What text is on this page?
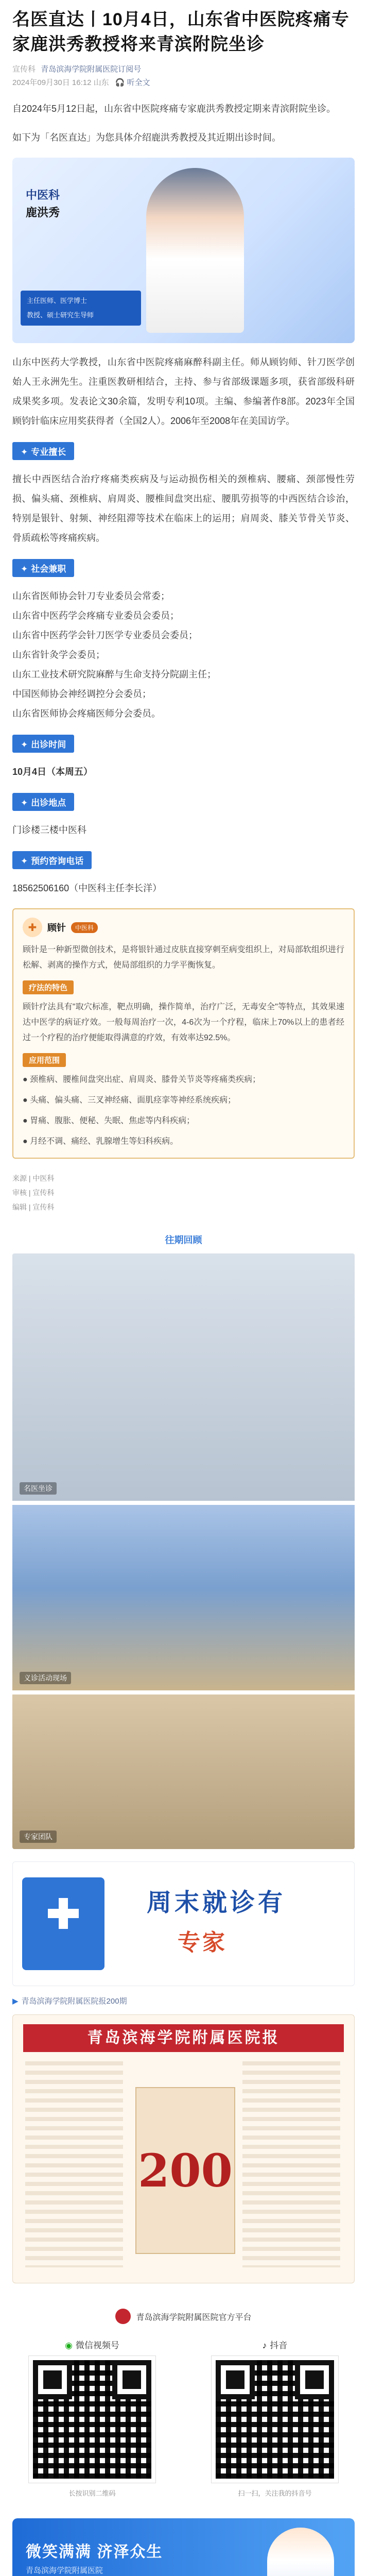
名医直达丨10月4日，山东省中医院疼痛专家鹿洪秀教授将来青滨附院坐诊
宣传科 青岛滨海学院附属医院订阅号
2024年09月30日 16:12 山东 🎧 听全文

自2024年5月12日起，山东省中医院疼痛专家鹿洪秀教授定期来青滨附院坐诊。

如下为「名医直达」为您具体介绍鹿洪秀教授及其近期出诊时间。

中医科
鹿洪秀
主任医师、医学博士
教授、硕士研究生导师

山东中医药大学教授，山东省中医院疼痛麻醉科副主任。师从顾钧师、针刀医学创始人王永洲先生。注重医教研相结合，主持、参与省部级课题多项，获省部级科研成果奖多项。发表论文30余篇，发明专利10项。主编、参编著作8部。2023年全国顾钧针临床应用奖获得者（全国2人）。2006年至2008年在美国访学。

✦ 专业擅长

擅长中西医结合治疗疼痛类疾病及与运动损伤相关的颈椎病、腰痛、颈部慢性劳损、偏头痛、颈椎病、肩周炎、腰椎间盘突出症、腰肌劳损等的中西医结合诊治，特别是银针、射频、神经阻滞等技术在临床上的运用；肩周炎、膝关节骨关节炎、骨质疏松等疼痛疾病。

✦ 社会兼职

山东省医师协会针刀专业委员会常委；
山东省中医药学会疼痛专业委员会委员；
山东省中医药学会针刀医学专业委员会委员；
山东省针灸学会委员；
山东工业技术研究院麻醉与生命支持分院副主任；
中国医师协会神经调控分会委员；
山东省医师协会疼痛医师分会委员。

✦ 出诊时间

10月4日（本周五）

✦ 出诊地点

门诊楼三楼中医科

✦ 预约咨询电话

18562506160（中医科主任李长洋）

✚	顾针	中医科

顾针是一种新型微创技术，是将银针通过皮肤直接穿刺至病变组织上，对局部软组织进行松解、剥离的操作方式，使局部组织的力学平衡恢复。

疗法的特色

顾针疗法具有"取穴标准，靶点明确，操作简单，治疗广泛，无毒安全"等特点，其效果速达中医学的病证疗效。一般每周治疗一次，4-6次为一个疗程，临床上70%以上的患者经过一个疗程的治疗便能取得满意的疗效，有效率达92.5%。

应用范围

● 颈椎病、腰椎间盘突出症、肩周炎、膝骨关节炎等疼痛类疾病；

● 头痛、偏头痛、三叉神经痛、面肌痉挛等神经系统疾病；

● 胃痛、腹胀、便秘、失眠、焦虑等内科疾病；

● 月经不调、痛经、乳腺增生等妇科疾病。

来源 | 中医科
审核 | 宣传科
编辑 | 宣传科
往期回顾
名医坐诊
义诊活动现场
专家团队
周末就诊有
专家
▶ 青岛滨海学院附属医院报200期
青岛滨海学院附属医院报
200
青岛滨海学院附属医院官方平台
◉ 微信视频号
长按识别二维码
♪ 抖音
扫一扫，关注我的抖音号
微笑满满 济泽众生
青岛滨海学院附属医院
